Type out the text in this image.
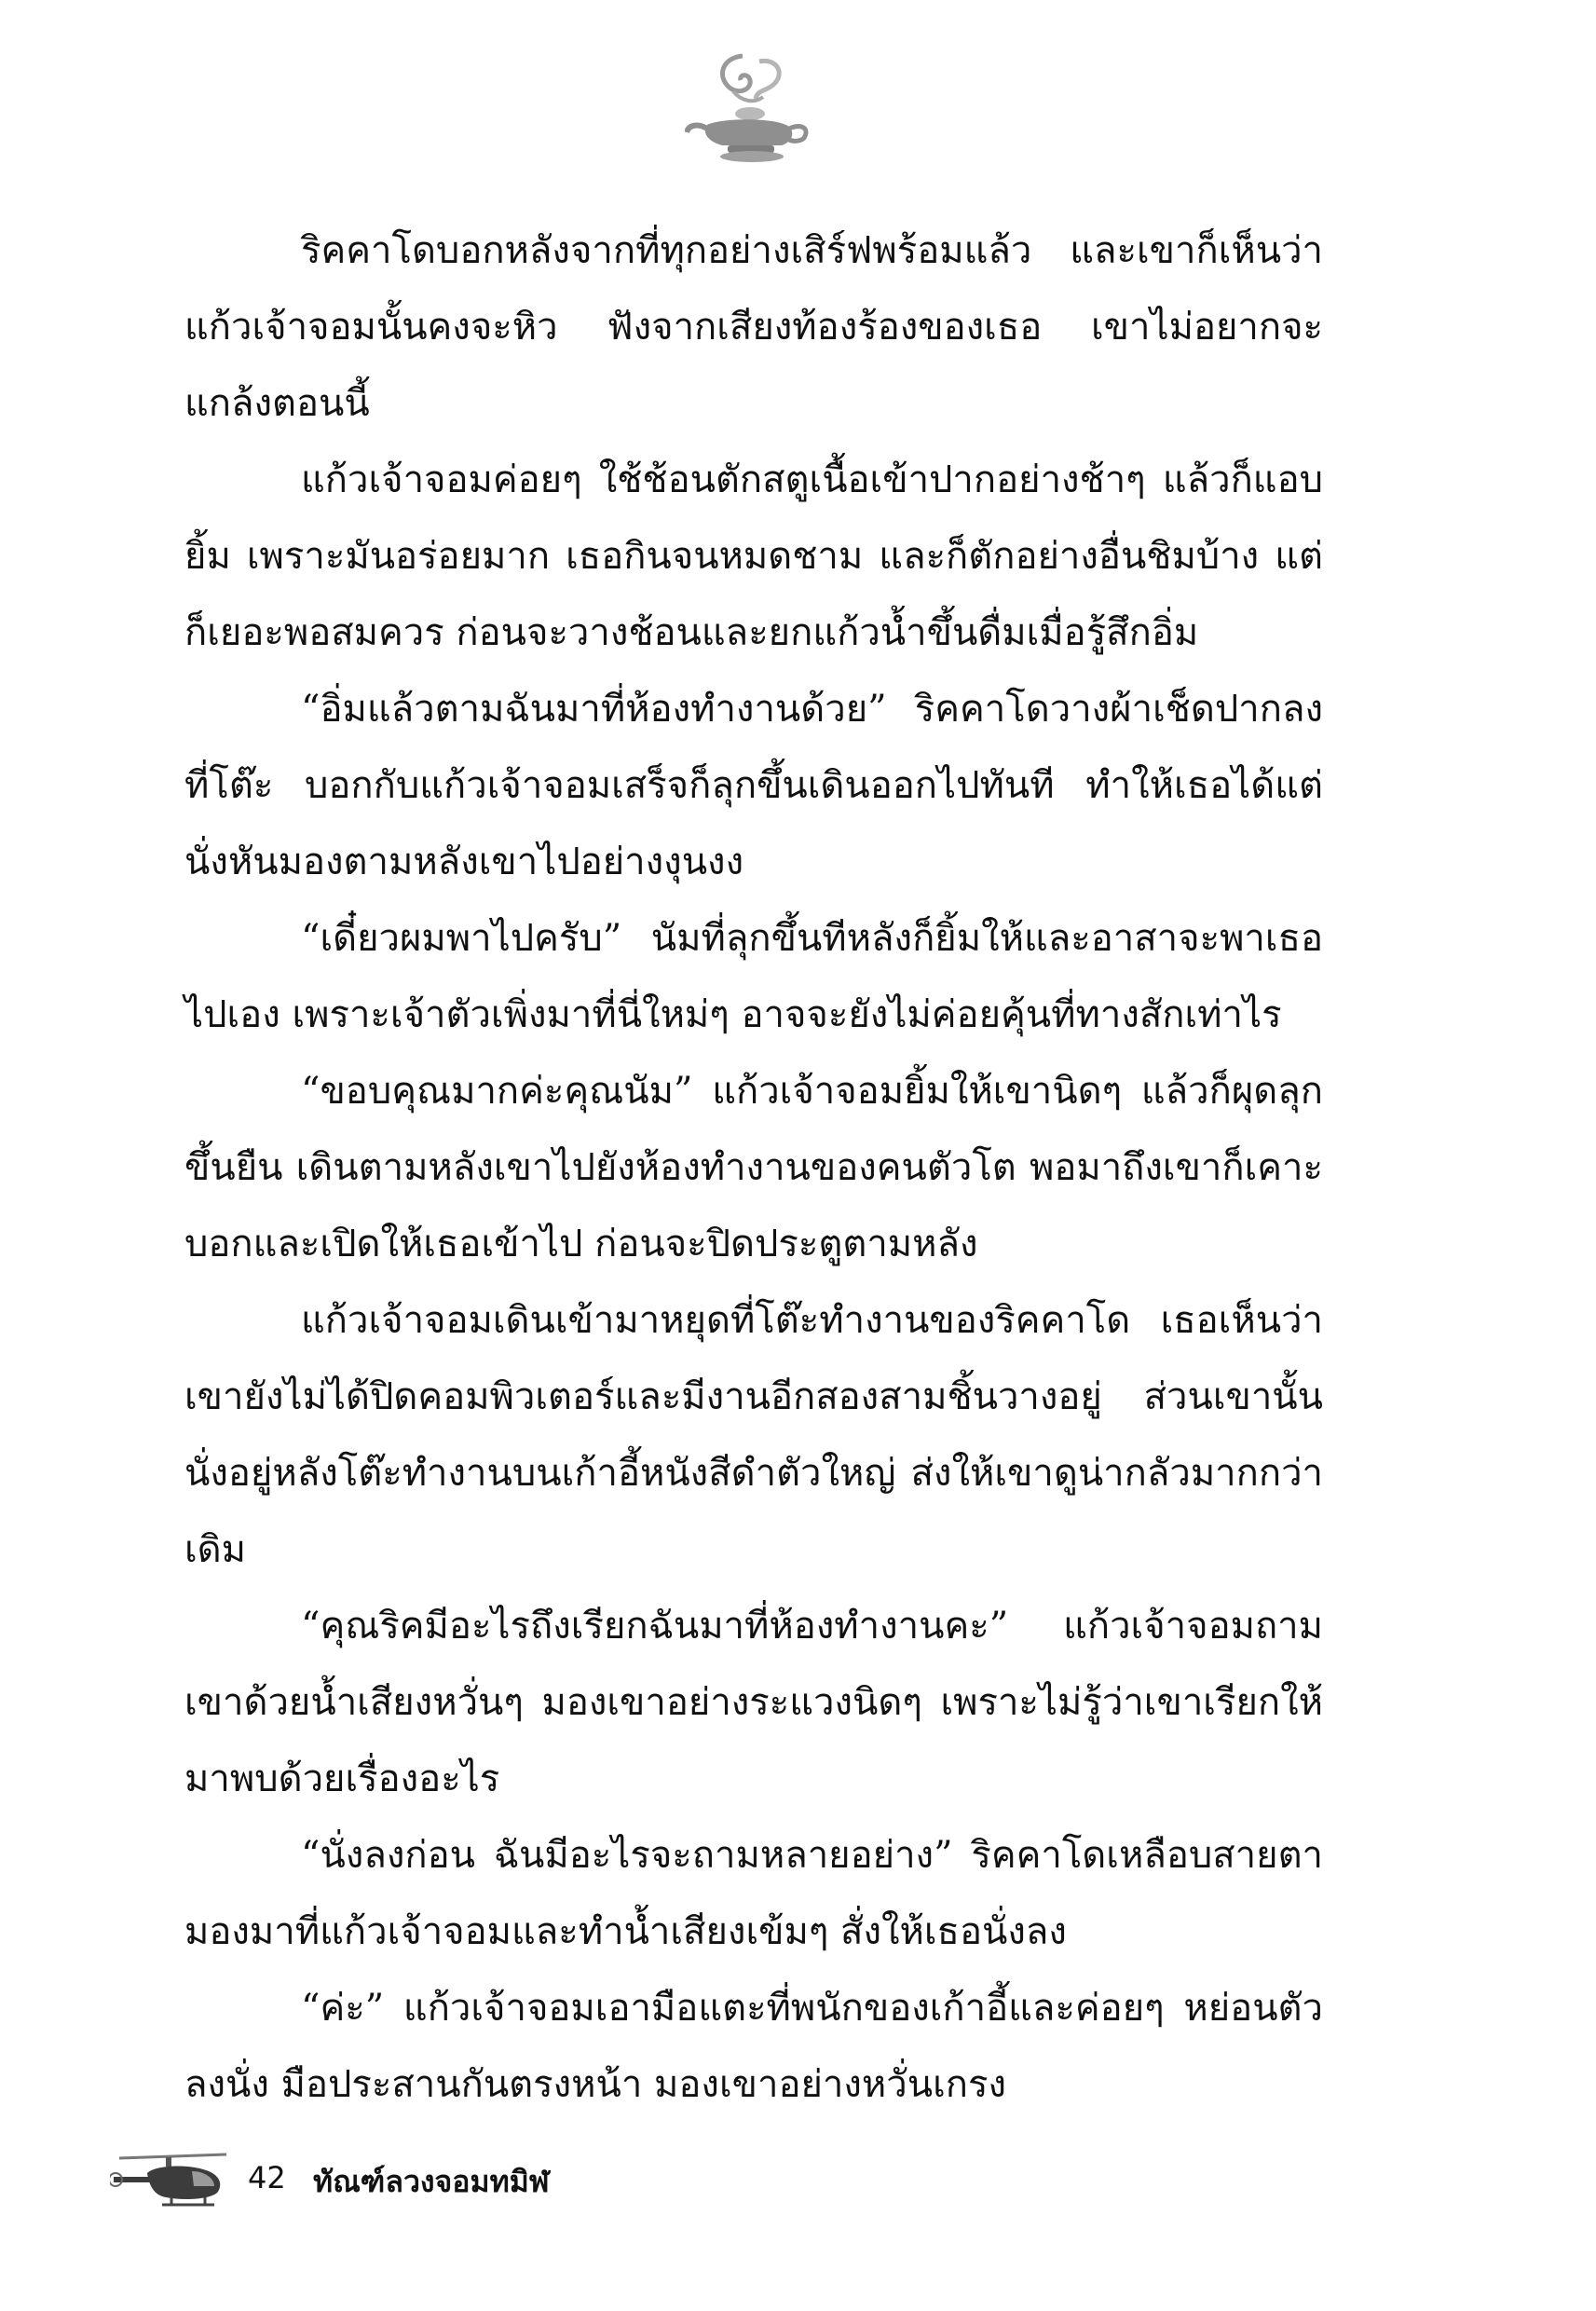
ริคคาโดบอกหลังจากที่ทุกอย่างเสิร์ฟพร้อมแล้ว และเขาก็เห็นว่าแก้วเจ้าจอมนั้นคงจะหิว ฟังจากเสียงท้องร้องของเธอ เขาไม่อยากจะแกล้งตอนนี้

แก้วเจ้าจอมค่อยๆ ใช้ช้อนตักสตูเนื้อเข้าปากอย่างช้าๆ แล้วก็แอบยิ้ม เพราะมันอร่อยมาก เธอกินจนหมดชาม และก็ตักอย่างอื่นชิมบ้าง แต่ก็เยอะพอสมควร ก่อนจะวางช้อนและยกแก้วน้ำขึ้นดื่มเมื่อรู้สึกอิ่ม

“อิ่มแล้วตามฉันมาที่ห้องทำงานด้วย” ริคคาโดวางผ้าเช็ดปากลงที่โต๊ะ บอกกับแก้วเจ้าจอมเสร็จก็ลุกขึ้นเดินออกไปทันที ทำให้เธอได้แต่นั่งหันมองตามหลังเขาไปอย่างงุนงง

“เดี๋ยวผมพาไปครับ” นัมที่ลุกขึ้นทีหลังก็ยิ้มให้และอาสาจะพาเธอไปเอง เพราะเจ้าตัวเพิ่งมาที่นี่ใหม่ๆ อาจจะยังไม่ค่อยคุ้นที่ทางสักเท่าไร

“ขอบคุณมากค่ะคุณนัม” แก้วเจ้าจอมยิ้มให้เขานิดๆ แล้วก็ผุดลุกขึ้นยืน เดินตามหลังเขาไปยังห้องทำงานของคนตัวโต พอมาถึงเขาก็เคาะบอกและเปิดให้เธอเข้าไป ก่อนจะปิดประตูตามหลัง

แก้วเจ้าจอมเดินเข้ามาหยุดที่โต๊ะทำงานของริคคาโด เธอเห็นว่าเขายังไม่ได้ปิดคอมพิวเตอร์และมีงานอีกสองสามชิ้นวางอยู่ ส่วนเขานั้นนั่งอยู่หลังโต๊ะทำงานบนเก้าอี้หนังสีดำตัวใหญ่ ส่งให้เขาดูน่ากลัวมากกว่าเดิม

“คุณริคมีอะไรถึงเรียกฉันมาที่ห้องทำงานคะ” แก้วเจ้าจอมถามเขาด้วยน้ำเสียงหวั่นๆ มองเขาอย่างระแวงนิดๆ เพราะไม่รู้ว่าเขาเรียกให้มาพบด้วยเรื่องอะไร

“นั่งลงก่อน ฉันมีอะไรจะถามหลายอย่าง” ริคคาโดเหลือบสายตามองมาที่แก้วเจ้าจอมและทำน้ำเสียงเข้มๆ สั่งให้เธอนั่งลง

“ค่ะ” แก้วเจ้าจอมเอามือแตะที่พนักของเก้าอี้และค่อยๆ หย่อนตัวลงนั่ง มือประสานกันตรงหน้า มองเขาอย่างหวั่นเกรง

42 ทัณฑ์ลวงจอมทมิฬ
